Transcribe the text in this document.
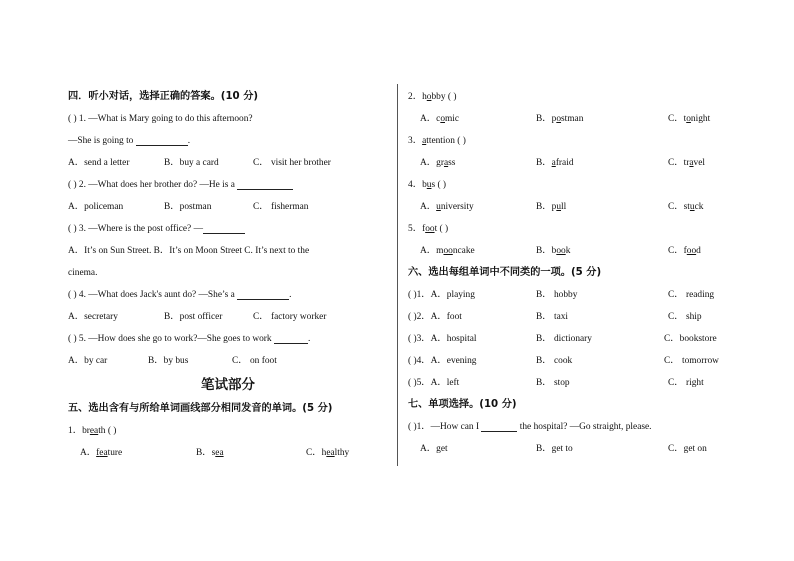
四．听小对话，选择正确的答案。(10 分)
( ) 1. —What is Mary going to do this afternoon?
—She is going to	.
A．send a letter	B．buy a card	C． visit her brother
( ) 2. —What does her brother do? —He is a
A．policeman	B．postman	C． fisherman
( ) 3. —Where is the post office? —
A．It’s on Sun Street. B．It’s on Moon Street C. It’s next to the
cinema.
( ) 4. —What does Jack's aunt do? —She’s a	.
A．secretary	B．post officer	C． factory worker
( ) 5. —How does she go to work?—She goes to work	.
A．by car	B．by bus	C． on foot
笔试部分
五、选出含有与所给单词画线部分相同发音的单词。(5 分)
1．breath ( )
A．feature	B．sea	C．healthy
2．hobby ( )
A．comic	B．postman	C．tonight
3．attention ( )
A．grass	B．afraid	C．travel
4．bus ( )
A．university	B．pull	C．stuck
5．foot ( )
A．mooncake	B．book	C．food
六、选出每组单词中不同类的一项。(5 分)
( )1．A．playing	B． hobby	C． reading
( )2．A．foot	B． taxi	C． ship
( )3．A．hospital	B． dictionary	C．bookstore
( )4．A．evening	B． cook	C． tomorrow
( )5．A．left	B． stop	C． right
七、单项选择。(10 分)
( )1．—How can I	the hospital? —Go straight, please.
A．get	B．get to	C．get on
